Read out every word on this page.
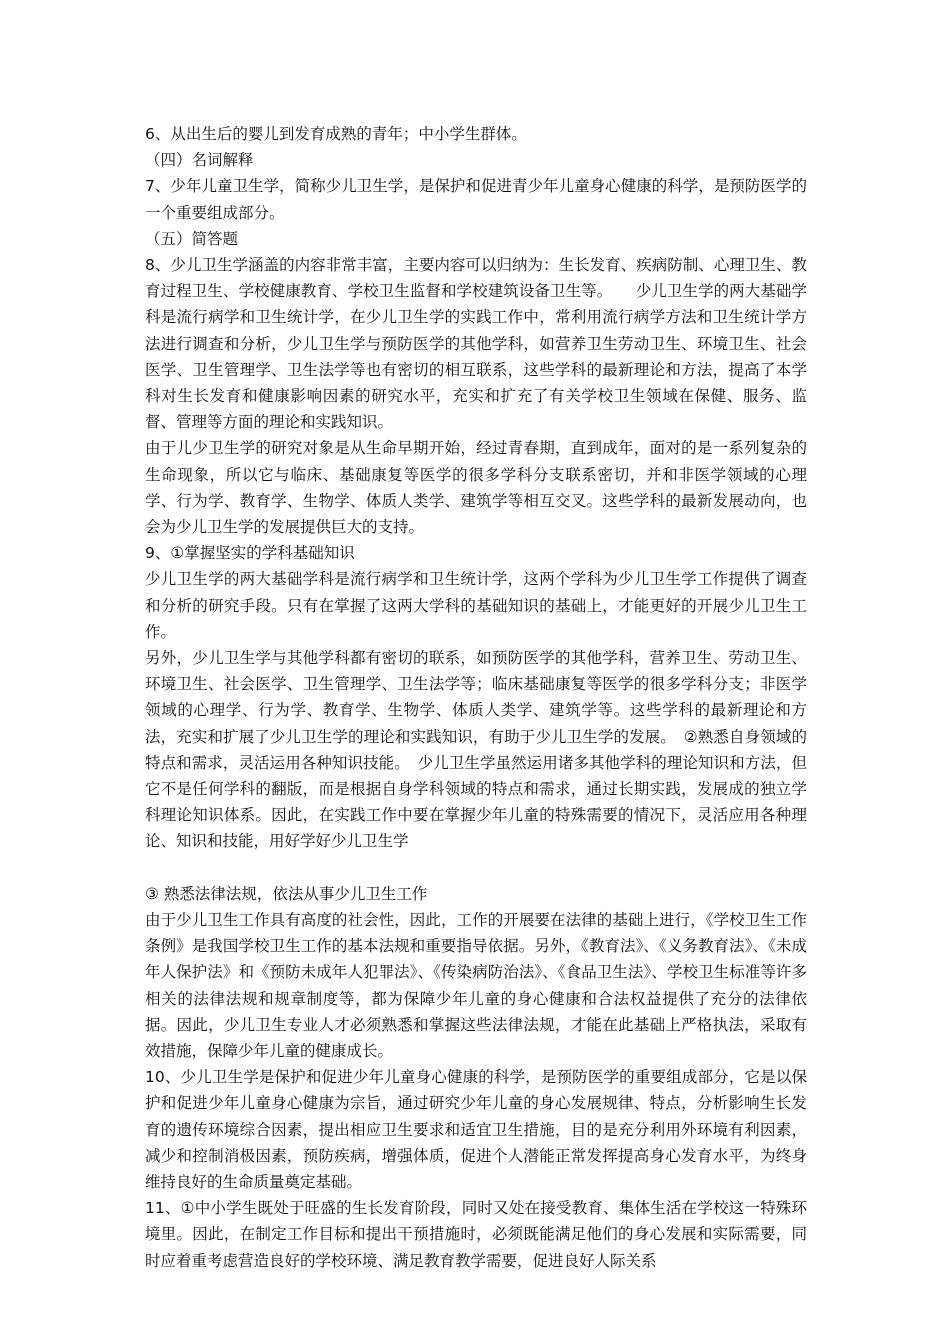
6、从出生后的婴儿到发育成熟的青年；中小学生群体。

（四）名词解释

7、少年儿童卫生学，简称少儿卫生学，是保护和促进青少年儿童身心健康的科学，是预防医学的一个重要组成部分。

（五）简答题

8、少儿卫生学涵盖的内容非常丰富，主要内容可以归纳为：生长发育、疾病防制、心理卫生、教育过程卫生、学校健康教育、学校卫生监督和学校建筑设备卫生等。　　少儿卫生学的两大基础学科是流行病学和卫生统计学，在少儿卫生学的实践工作中，常利用流行病学方法和卫生统计学方法进行调查和分析，少儿卫生学与预防医学的其他学科，如营养卫生劳动卫生、环境卫生、社会医学、卫生管理学、卫生法学等也有密切的相互联系，这些学科的最新理论和方法，提高了本学科对生长发育和健康影响因素的研究水平，充实和扩充了有关学校卫生领域在保健、服务、监督、管理等方面的理论和实践知识。

由于儿少卫生学的研究对象是从生命早期开始，经过青春期，直到成年，面对的是一系列复杂的生命现象，所以它与临床、基础康复等医学的很多学科分支联系密切，并和非医学领域的心理学、行为学、教育学、生物学、体质人类学、建筑学等相互交叉。这些学科的最新发展动向，也会为少儿卫生学的发展提供巨大的支持。

9、①掌握坚实的学科基础知识

少儿卫生学的两大基础学科是流行病学和卫生统计学，这两个学科为少儿卫生学工作提供了调查和分析的研究手段。只有在掌握了这两大学科的基础知识的基础上，才能更好的开展少儿卫生工作。

另外，少儿卫生学与其他学科都有密切的联系，如预防医学的其他学科，营养卫生、劳动卫生、环境卫生、社会医学、卫生管理学、卫生法学等；临床基础康复等医学的很多学科分支；非医学领域的心理学、行为学、教育学、生物学、体质人类学、建筑学等。这些学科的最新理论和方法，充实和扩展了少儿卫生学的理论和实践知识，有助于少儿卫生学的发展。　②熟悉自身领域的特点和需求，灵活运用各种知识技能。　少儿卫生学虽然运用诸多其他学科的理论知识和方法，但它不是任何学科的翻版，而是根据自身学科领域的特点和需求，通过长期实践，发展成的独立学科理论知识体系。因此，在实践工作中要在掌握少年儿童的特殊需要的情况下，灵活应用各种理论、知识和技能，用好学好少儿卫生学

③ 熟悉法律法规，依法从事少儿卫生工作

由于少儿卫生工作具有高度的社会性，因此，工作的开展要在法律的基础上进行，《学校卫生工作条例》是我国学校卫生工作的基本法规和重要指导依据。另外，《教育法》、《义务教育法》、《未成年人保护法》和《预防未成年人犯罪法》、《传染病防治法》、《食品卫生法》、学校卫生标准等许多相关的法律法规和规章制度等，都为保障少年儿童的身心健康和合法权益提供了充分的法律依据。因此，少儿卫生专业人才必须熟悉和掌握这些法律法规，才能在此基础上严格执法，采取有效措施，保障少年儿童的健康成长。

10、少儿卫生学是保护和促进少年儿童身心健康的科学，是预防医学的重要组成部分，它是以保护和促进少年儿童身心健康为宗旨，通过研究少年儿童的身心发展规律、特点，分析影响生长发育的遗传环境综合因素，提出相应卫生要求和适宜卫生措施，目的是充分利用外环境有利因素，减少和控制消极因素，预防疾病，增强体质，促进个人潜能正常发挥提高身心发育水平，为终身维持良好的生命质量奠定基础。

11、①中小学生既处于旺盛的生长发育阶段，同时又处在接受教育、集体生活在学校这一特殊环境里。因此，在制定工作目标和提出干预措施时，必须既能满足他们的身心发展和实际需要，同时应着重考虑营造良好的学校环境、满足教育教学需要，促进良好人际关系
